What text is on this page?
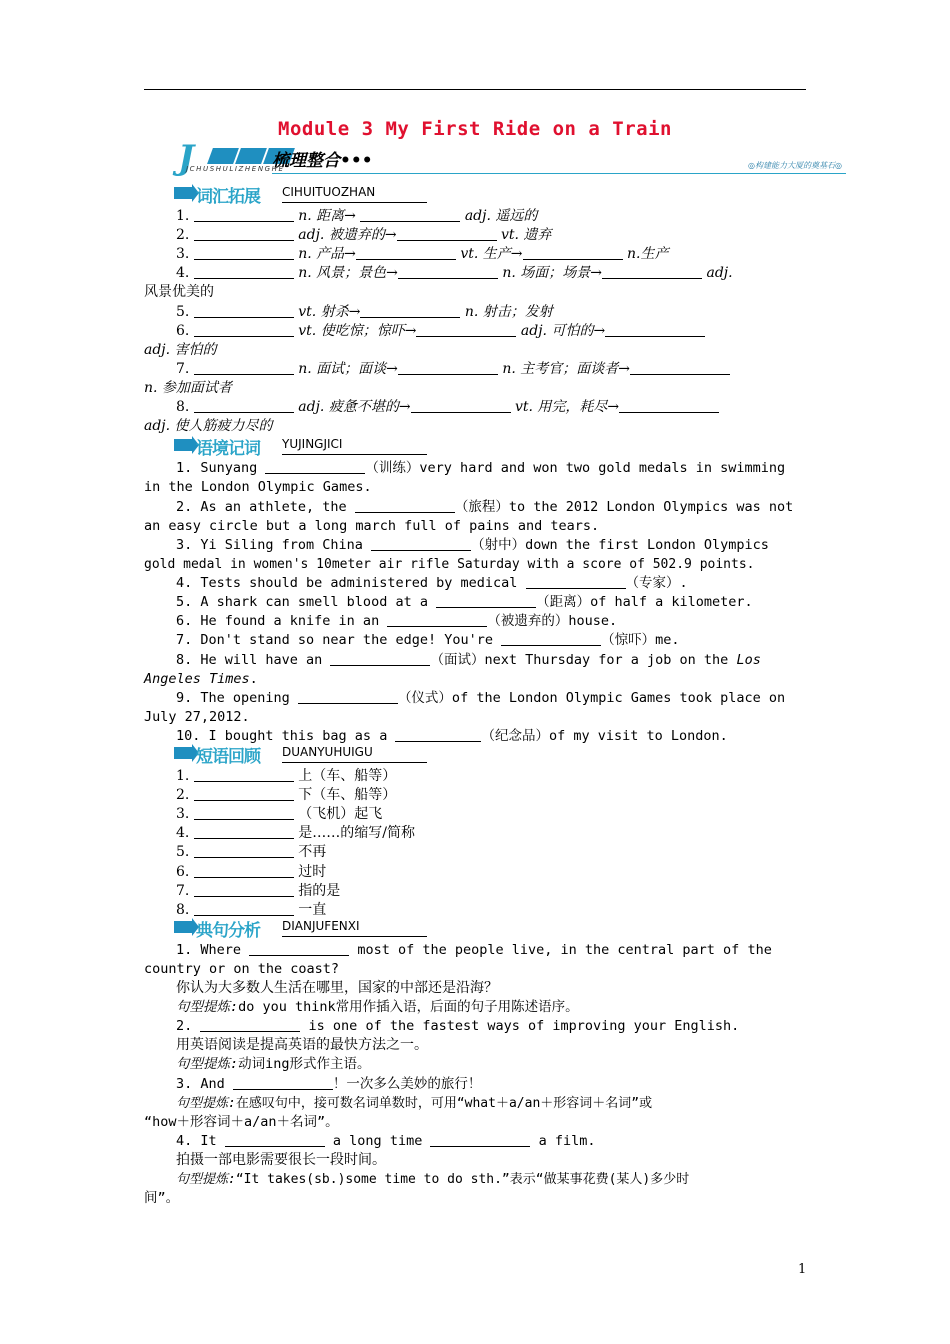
Module 3 My First Ride on a Train
J	梳理整合•••
JCHUSHULIZHENGHE	◎构建能力大厦的奠基石◎
词汇拓展 CIHUITUOZHAN
1.	n. 距离→	adj. 遥远的
2.	adj. 被遗弃的→	vt. 遗弃
3.	n. 产品→	vt. 生产→	n.生产
4.	n. 风景；景色→	n. 场面；场景→	adj.
风景优美的
5.	vt. 射杀→	n. 射击；发射
6.	vt. 使吃惊；惊吓→	adj. 可怕的→
adj. 害怕的
7.	n. 面试；面谈→	n. 主考官；面谈者→
n. 参加面试者
8.	adj. 疲惫不堪的→	vt. 用完，耗尽→
adj. 使人筋疲力尽的
语境记词 YUJINGJICI
1. Sunyang	（训练）very hard and won two gold medals in swimming
in the London Olympic Games.
2. As an athlete, the	（旅程）to the 2012 London Olympics was not
an easy circle but a long march full of pains and tears.
3. Yi Siling from China	（射中）down the first London Olympics
gold medal in women's 10meter air rifle Saturday with a score of 502.9 points.
4. Tests should be administered by medical	（专家）.
5. A shark can smell blood at a	（距离）of half a kilometer.
6. He found a knife in an	（被遗弃的）house.
7. Don't stand so near the edge! You're	（惊吓）me.
8. He will have an	（面试）next Thursday for a job on the Los
Angeles Times.
9. The opening	（仪式）of the London Olympic Games took place on
July 27,2012.
10. I bought this bag as a	（纪念品）of my visit to London.
短语回顾 DUANYUHUIGU
1.	上（车、船等）
2.	下（车、船等）
3.	（飞机）起飞
4.	是……的缩写/简称
5.	不再
6.	过时
7.	指的是
8.	一直
典句分析 DIANJUFENXI
1. Where	most of the people live, in the central part of the
country or on the coast?
你认为大多数人生活在哪里，国家的中部还是沿海？
句型提炼:do you think常用作插入语，后面的句子用陈述语序。
2.	is one of the fastest ways of improving your English.
用英语阅读是提高英语的最快方法之一。
句型提炼:动词ing形式作主语。
3. And	！一次多么美妙的旅行！
句型提炼:在感叹句中，接可数名词单数时，可用“what＋a/an＋形容词＋名词”或
“how＋形容词＋a/an＋名词”。
4. It	a long time	a film.
拍摄一部电影需要很长一段时间。
句型提炼:“It takes(sb.)some time to do sth.”表示“做某事花费(某人)多少时
间”。
1
